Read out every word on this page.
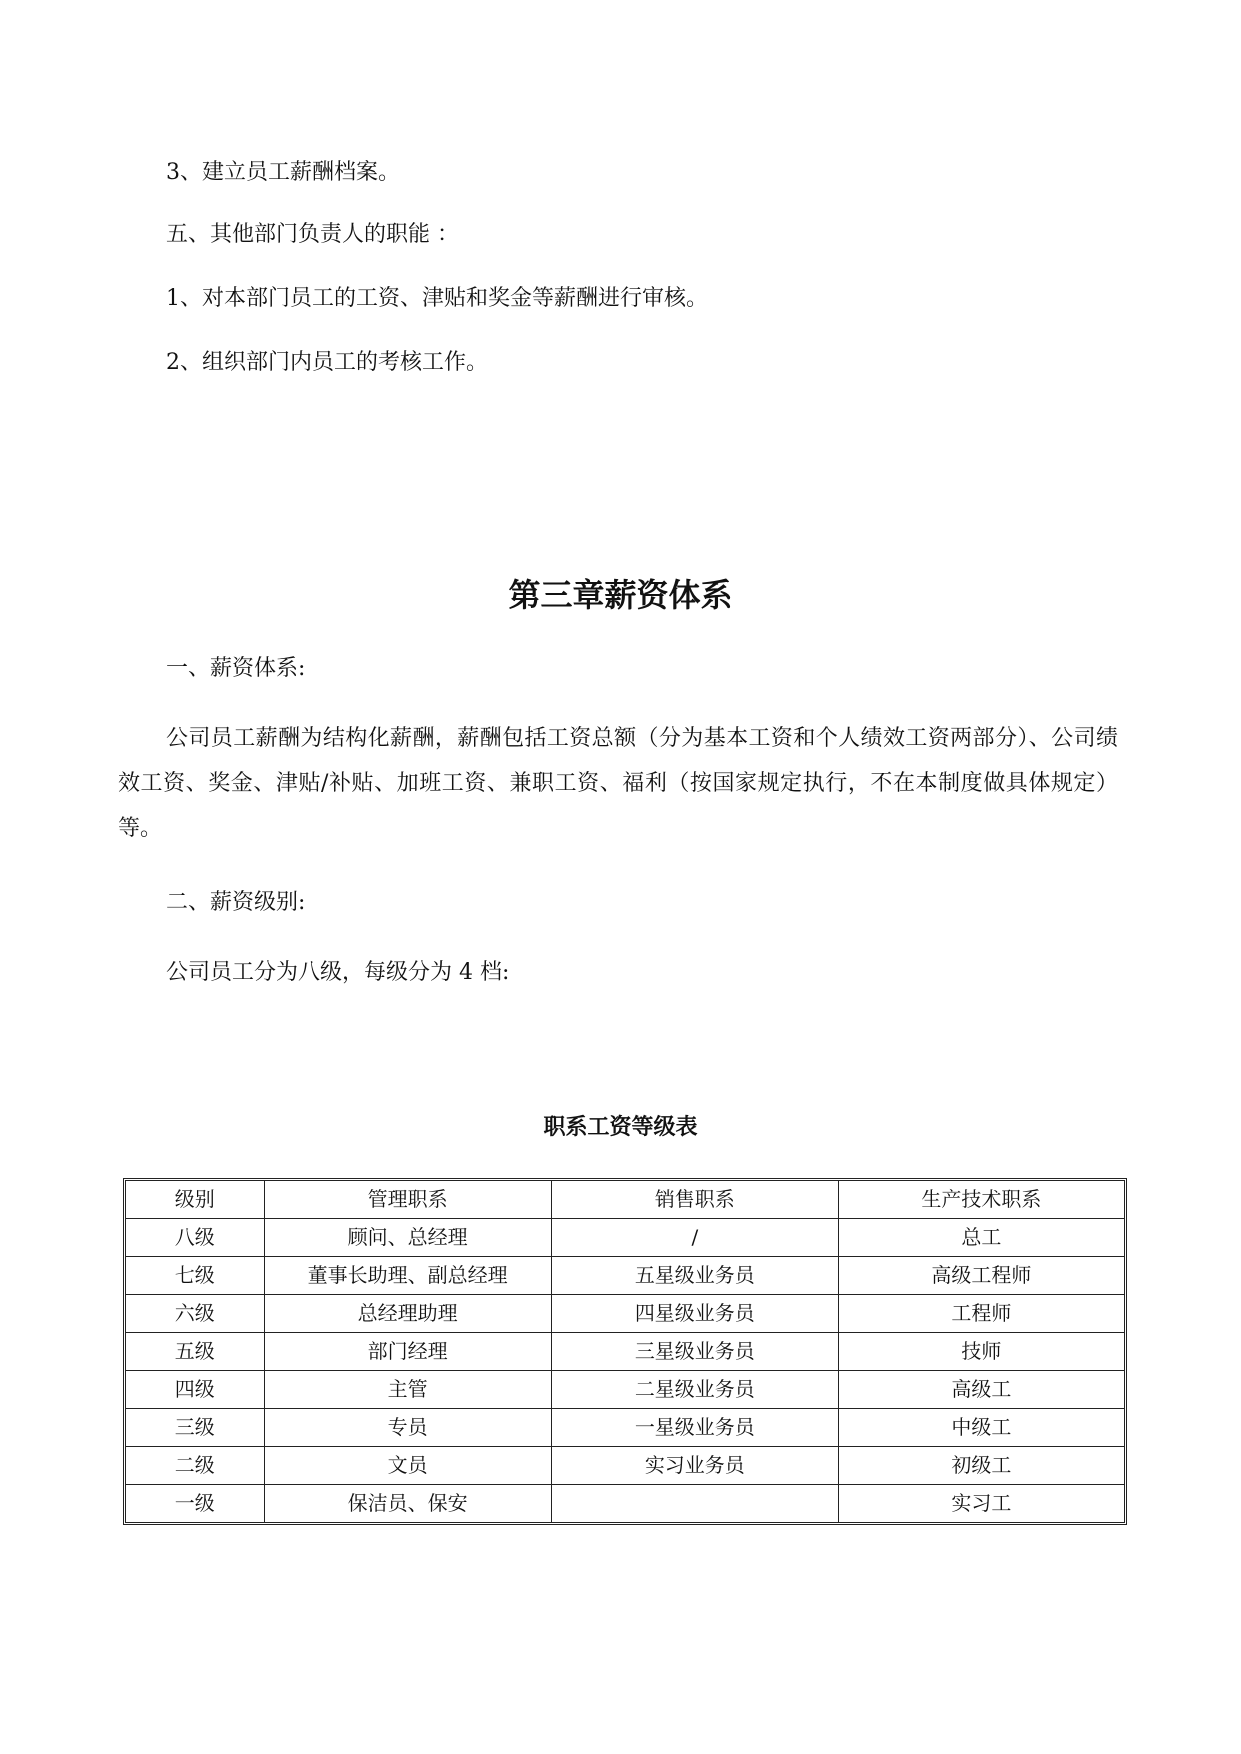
3、建立员工薪酬档案。

五、其他部门负责人的职能 ：

1、对本部门员工的工资、津贴和奖金等薪酬进行审核。

2、组织部门内员工的考核工作。

第三章薪资体系

一、薪资体系:

公司员工薪酬为结构化薪酬，薪酬包括工资总额（分为基本工资和个人绩效工资两部分）、公司绩效工资、奖金、津贴/补贴、加班工资、兼职工资、福利（按国家规定执行，不在本制度做具体规定）等。

二、薪资级别:

公司员工分为八级，每级分为 4 档:

职系工资等级表
级别	管理职系	销售职系	生产技术职系
八级	顾问、总经理	/	总工
七级	董事长助理、副总经理	五星级业务员	高级工程师
六级	总经理助理	四星级业务员	工程师
五级	部门经理	三星级业务员	技师
四级	主管	二星级业务员	高级工
三级	专员	一星级业务员	中级工
二级	文员	实习业务员	初级工
一级	保洁员、保安		实习工
